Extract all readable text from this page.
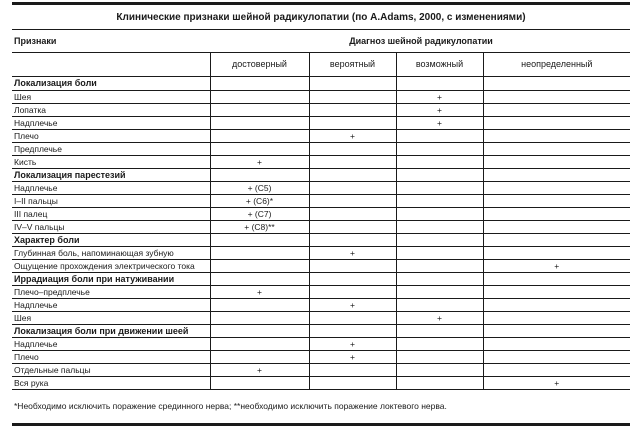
Клинические признаки шейной радикулопатии (по A.Adams, 2000, с изменениями)
Признаки	Диагноз шейной радикулопатии			
	достоверный	вероятный	возможный	неопределенный
Локализация боли				
Шея			+	
Лопатка			+	
Надплечье			+	
Плечо		+		
Предплечье				
Кисть	+			
Локализация парестезий				
Надплечье	+ (C5)			
I–II пальцы	+ (C6)*			
III палец	+ (C7)			
IV–V пальцы	+ (C8)**			
Характер боли				
Глубинная боль, напоминающая зубную		+		
Ощущение прохождения электрического тока				+
Иррадиация боли при натуживании				
Плечо–предплечье	+			
Надплечье		+		
Шея			+	
Локализация боли при движении шеей				
Надплечье		+		
Плечо		+		
Отдельные пальцы	+			
Вся рука				+
*Необходимо исключить поражение срединного нерва; **необходимо исключить поражение локтевого нерва.
